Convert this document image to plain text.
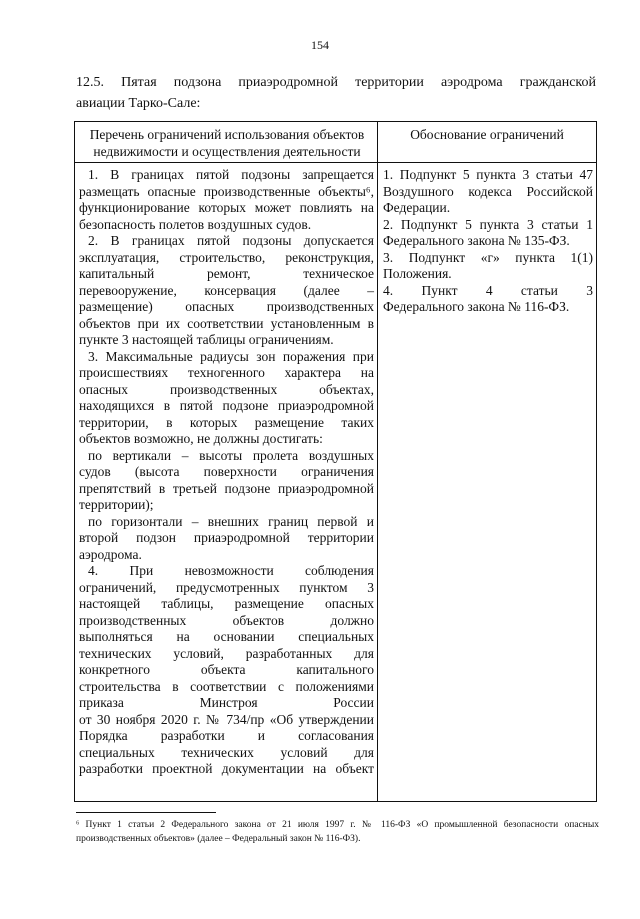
154
12.5. Пятая подзона приаэродромной территории аэродрома гражданской
авиации Тарко-Сале:
Перечень ограничений использования объектов
недвижимости и осуществления деятельности
Обоснование ограничений
1. В границах пятой подзоны запрещается
размещать опасные производственные объекты⁶,
функционирование которых может повлиять на
безопасность полетов воздушных судов.
2. В границах пятой подзоны допускается
эксплуатация, строительство, реконструкция,
капитальный ремонт, техническое
перевооружение, консервация (далее –
размещение) опасных производственных
объектов при их соответствии установленным в
пункте 3 настоящей таблицы ограничениям.
3. Максимальные радиусы зон поражения при
происшествиях техногенного характера на
опасных производственных объектах,
находящихся в пятой подзоне приаэродромной
территории, в которых размещение таких
объектов возможно, не должны достигать:
по вертикали – высоты пролета воздушных
судов (высота поверхности ограничения
препятствий в третьей подзоне приаэродромной
территории);
по горизонтали – внешних границ первой и
второй подзон приаэродромной территории
аэродрома.
4. При невозможности соблюдения
ограничений, предусмотренных пунктом 3
настоящей таблицы, размещение опасных
производственных объектов должно
выполняться на основании специальных
технических условий, разработанных для
конкретного объекта капитального
строительства в соответствии с положениями
приказа Минстроя России
от 30 ноября 2020 г. № 734/пр «Об утверждении
Порядка разработки и согласования
специальных технических условий для
разработки проектной документации на объект
1. Подпункт 5 пункта 3 статьи 47
Воздушного кодекса Российской
Федерации.
2. Подпункт 5 пункта 3 статьи 1
Федерального закона № 135-ФЗ.
3. Подпункт «г» пункта 1(1)
Положения.
4. Пункт 4 статьи 3
Федерального закона № 116-ФЗ.
⁶ Пункт 1 статьи 2 Федерального закона от 21 июля 1997 г. № 116-ФЗ «О промышленной безопасности опасных
производственных объектов» (далее – Федеральный закон № 116-ФЗ).
